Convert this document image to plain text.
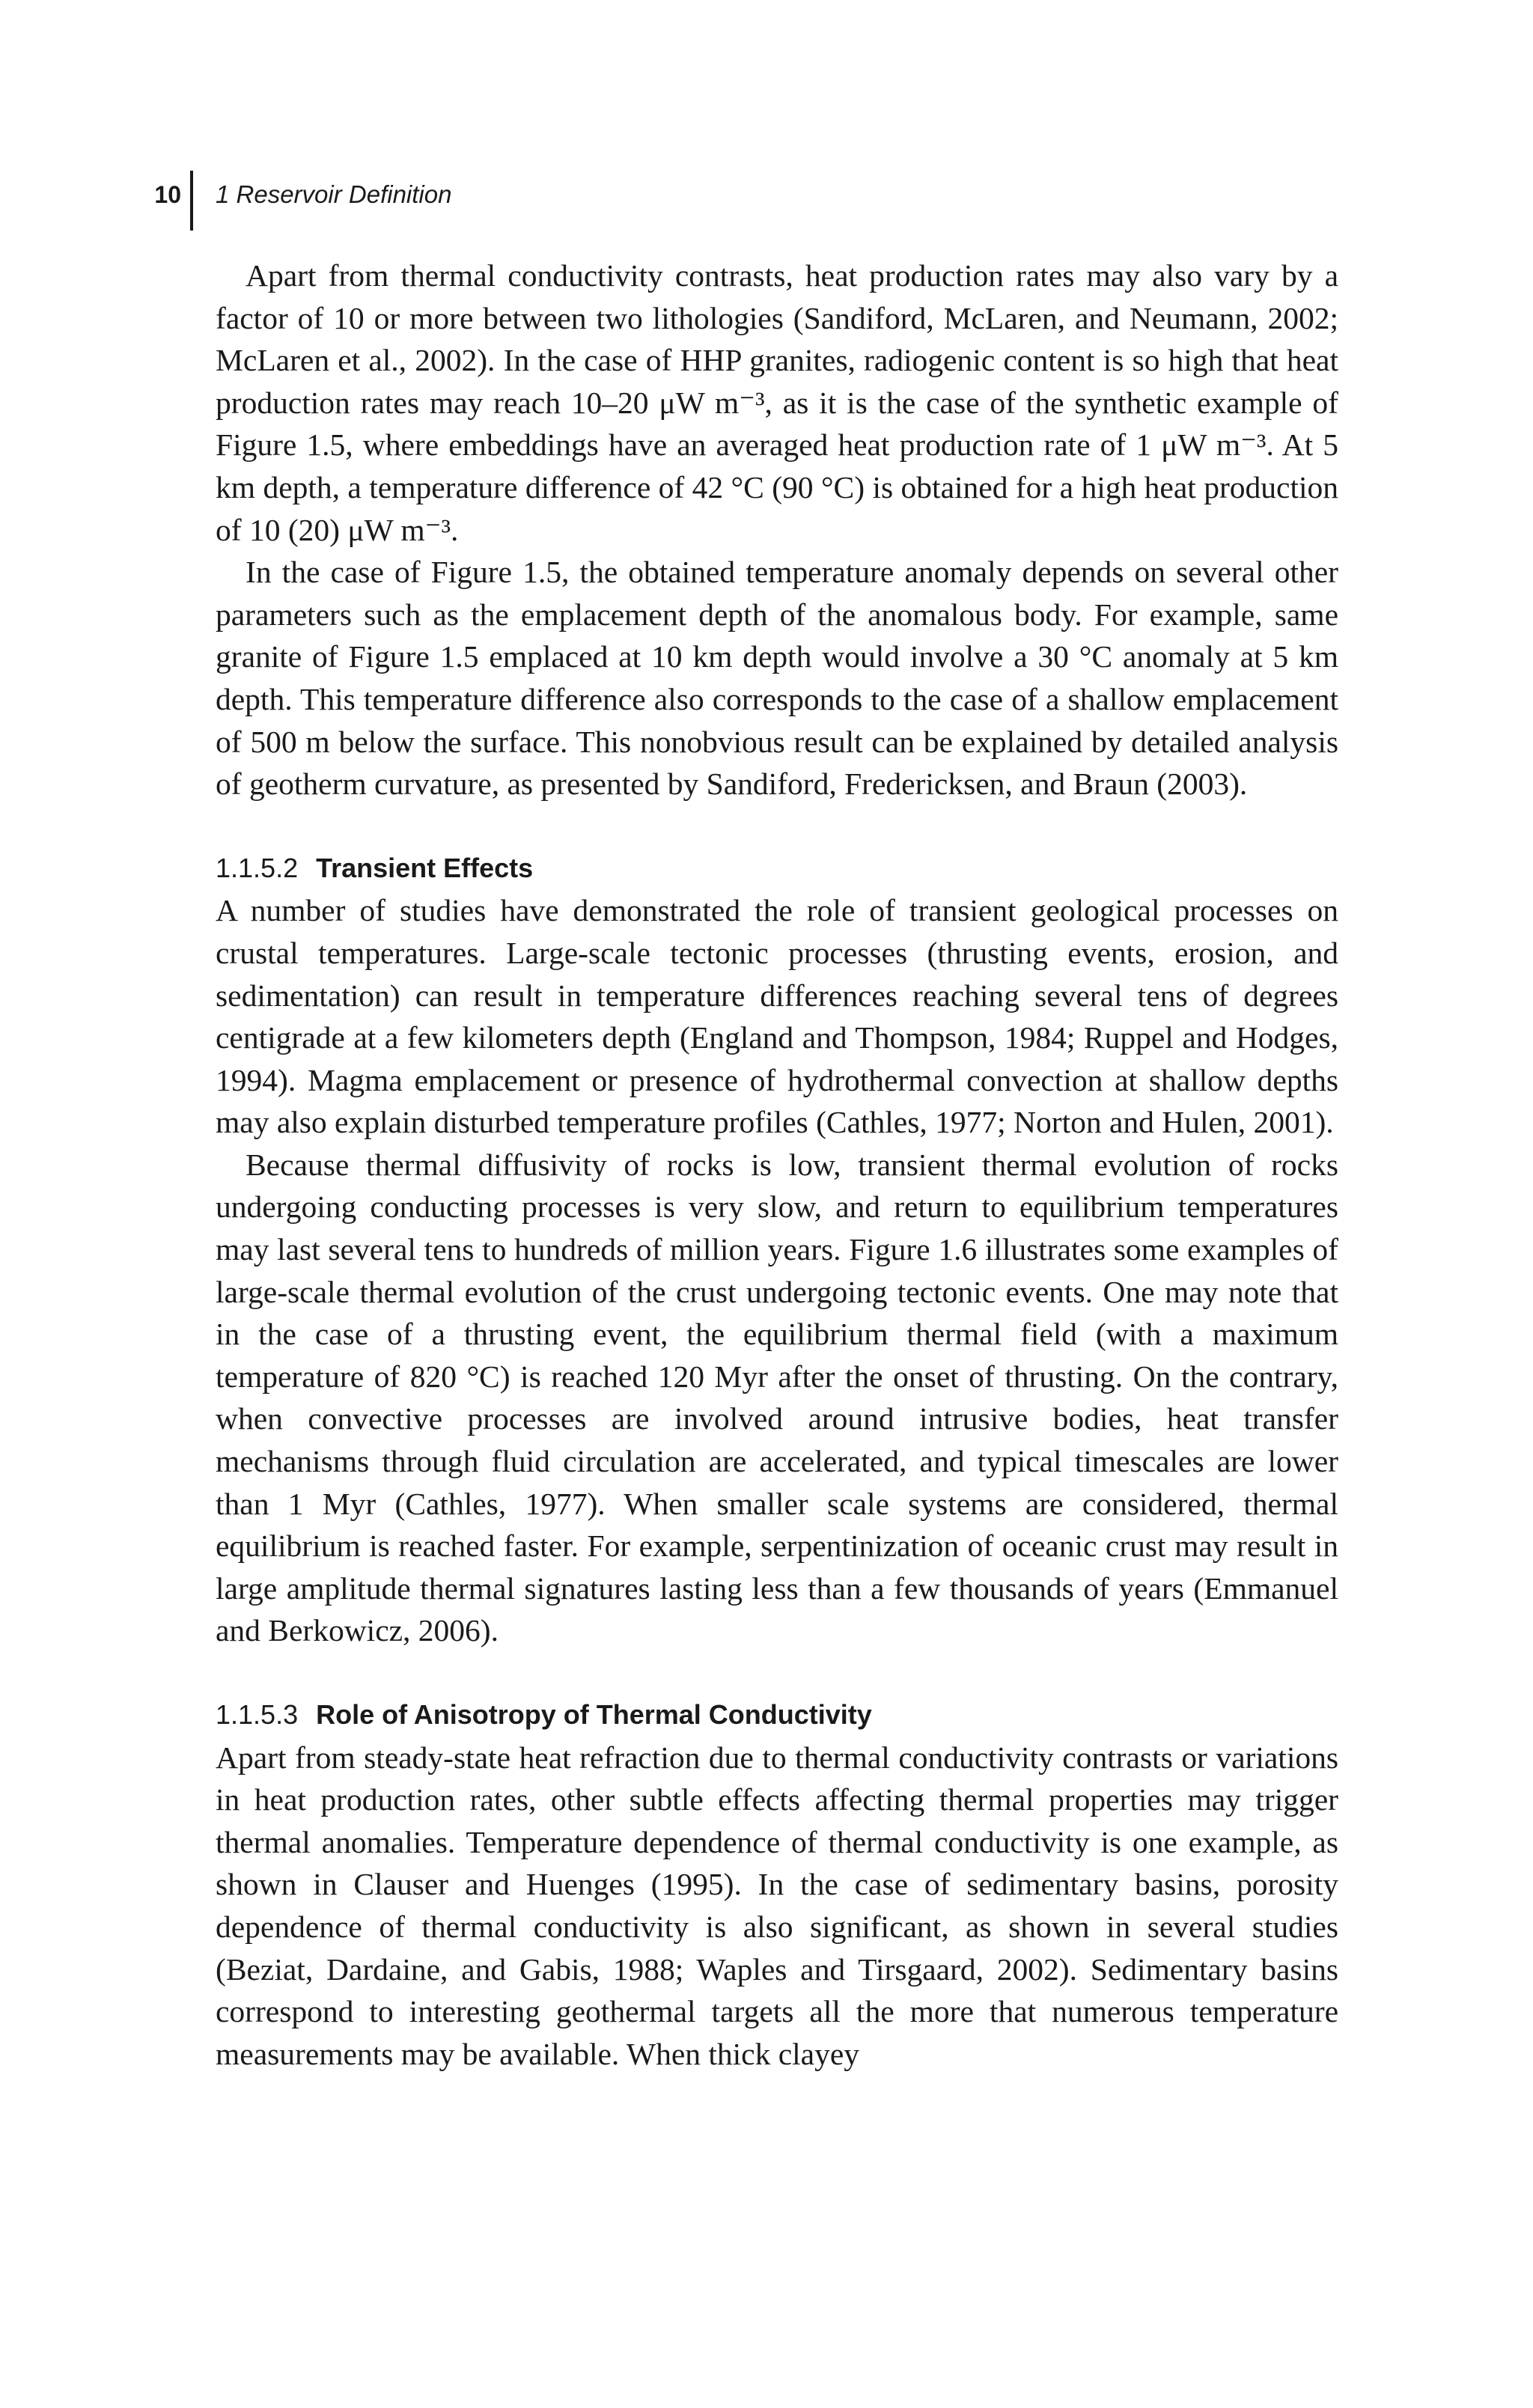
10 1 Reservoir Definition

Apart from thermal conductivity contrasts, heat production rates may also vary by a factor of 10 or more between two lithologies (Sandiford, McLaren, and Neumann, 2002; McLaren et al., 2002). In the case of HHP granites, radiogenic content is so high that heat production rates may reach 10–20 μW m⁻³, as it is the case of the synthetic example of Figure 1.5, where embeddings have an averaged heat production rate of 1 μW m⁻³. At 5 km depth, a temperature difference of 42 °C (90 °C) is obtained for a high heat production of 10 (20) μW m⁻³.

In the case of Figure 1.5, the obtained temperature anomaly depends on several other parameters such as the emplacement depth of the anomalous body. For example, same granite of Figure 1.5 emplaced at 10 km depth would involve a 30 °C anomaly at 5 km depth. This temperature difference also corresponds to the case of a shallow emplacement of 500 m below the surface. This nonobvious result can be explained by detailed analysis of geotherm curvature, as presented by Sandiford, Fredericksen, and Braun (2003).

1.1.5.2 Transient Effects

A number of studies have demonstrated the role of transient geological processes on crustal temperatures. Large-scale tectonic processes (thrusting events, erosion, and sedimentation) can result in temperature differences reaching several tens of degrees centigrade at a few kilometers depth (England and Thompson, 1984; Ruppel and Hodges, 1994). Magma emplacement or presence of hydrothermal convection at shallow depths may also explain disturbed temperature profiles (Cathles, 1977; Norton and Hulen, 2001).

Because thermal diffusivity of rocks is low, transient thermal evolution of rocks undergoing conducting processes is very slow, and return to equilibrium temperatures may last several tens to hundreds of million years. Figure 1.6 illustrates some examples of large-scale thermal evolution of the crust undergoing tectonic events. One may note that in the case of a thrusting event, the equilibrium thermal field (with a maximum temperature of 820 °C) is reached 120 Myr after the onset of thrusting. On the contrary, when convective processes are involved around intrusive bodies, heat transfer mechanisms through fluid circulation are accelerated, and typical timescales are lower than 1 Myr (Cathles, 1977). When smaller scale systems are considered, thermal equilibrium is reached faster. For example, serpentinization of oceanic crust may result in large amplitude thermal signatures lasting less than a few thousands of years (Emmanuel and Berkowicz, 2006).

1.1.5.3 Role of Anisotropy of Thermal Conductivity

Apart from steady-state heat refraction due to thermal conductivity contrasts or variations in heat production rates, other subtle effects affecting thermal properties may trigger thermal anomalies. Temperature dependence of thermal conductivity is one example, as shown in Clauser and Huenges (1995). In the case of sedimentary basins, porosity dependence of thermal conductivity is also significant, as shown in several studies (Beziat, Dardaine, and Gabis, 1988; Waples and Tirsgaard, 2002). Sedimentary basins correspond to interesting geothermal targets all the more that numerous temperature measurements may be available. When thick clayey
